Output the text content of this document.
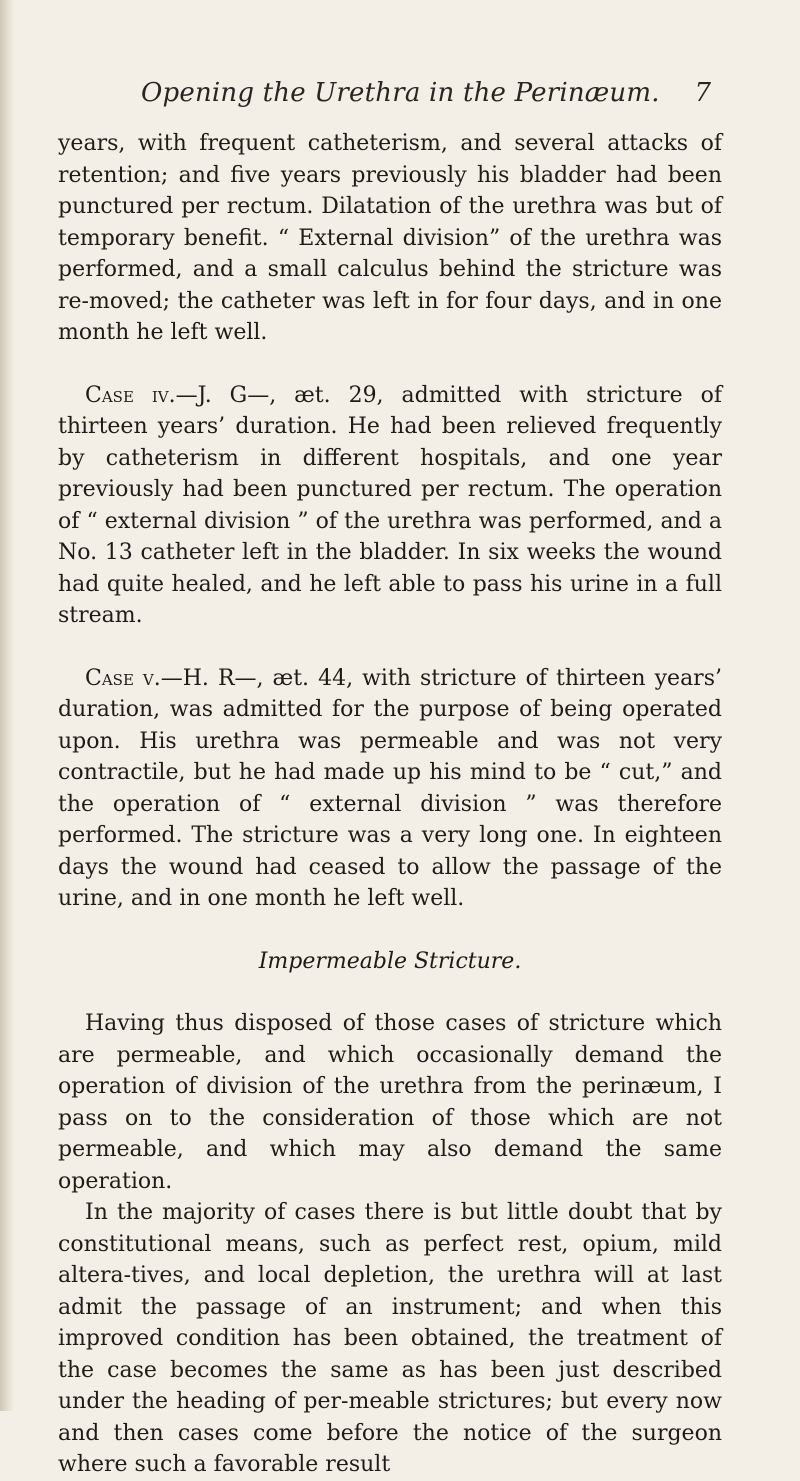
Opening the Urethra in the Perinæum. 7

years, with frequent catheterism, and several attacks of retention; and five years previously his bladder had been punctured per rectum. Dilatation of the urethra was but of temporary benefit. “ External division” of the urethra was performed, and a small calculus behind the stricture was re-moved; the catheter was left in for four days, and in one month he left well.

Case iv.—J. G—, æt. 29, admitted with stricture of thirteen years’ duration. He had been relieved frequently by catheterism in different hospitals, and one year previously had been punctured per rectum. The operation of “ external division ” of the urethra was performed, and a No. 13 catheter left in the bladder. In six weeks the wound had quite healed, and he left able to pass his urine in a full stream.

Case v.—H. R—, æt. 44, with stricture of thirteen years’ duration, was admitted for the purpose of being operated upon. His urethra was permeable and was not very contractile, but he had made up his mind to be “ cut,” and the operation of “ external division ” was therefore performed. The stricture was a very long one. In eighteen days the wound had ceased to allow the passage of the urine, and in one month he left well.

Impermeable Stricture.

Having thus disposed of those cases of stricture which are permeable, and which occasionally demand the operation of division of the urethra from the perinæum, I pass on to the consideration of those which are not permeable, and which may also demand the same operation.

In the majority of cases there is but little doubt that by constitutional means, such as perfect rest, opium, mild altera-tives, and local depletion, the urethra will at last admit the passage of an instrument; and when this improved condition has been obtained, the treatment of the case becomes the same as has been just described under the heading of per-meable strictures; but every now and then cases come before the notice of the surgeon where such a favorable result
